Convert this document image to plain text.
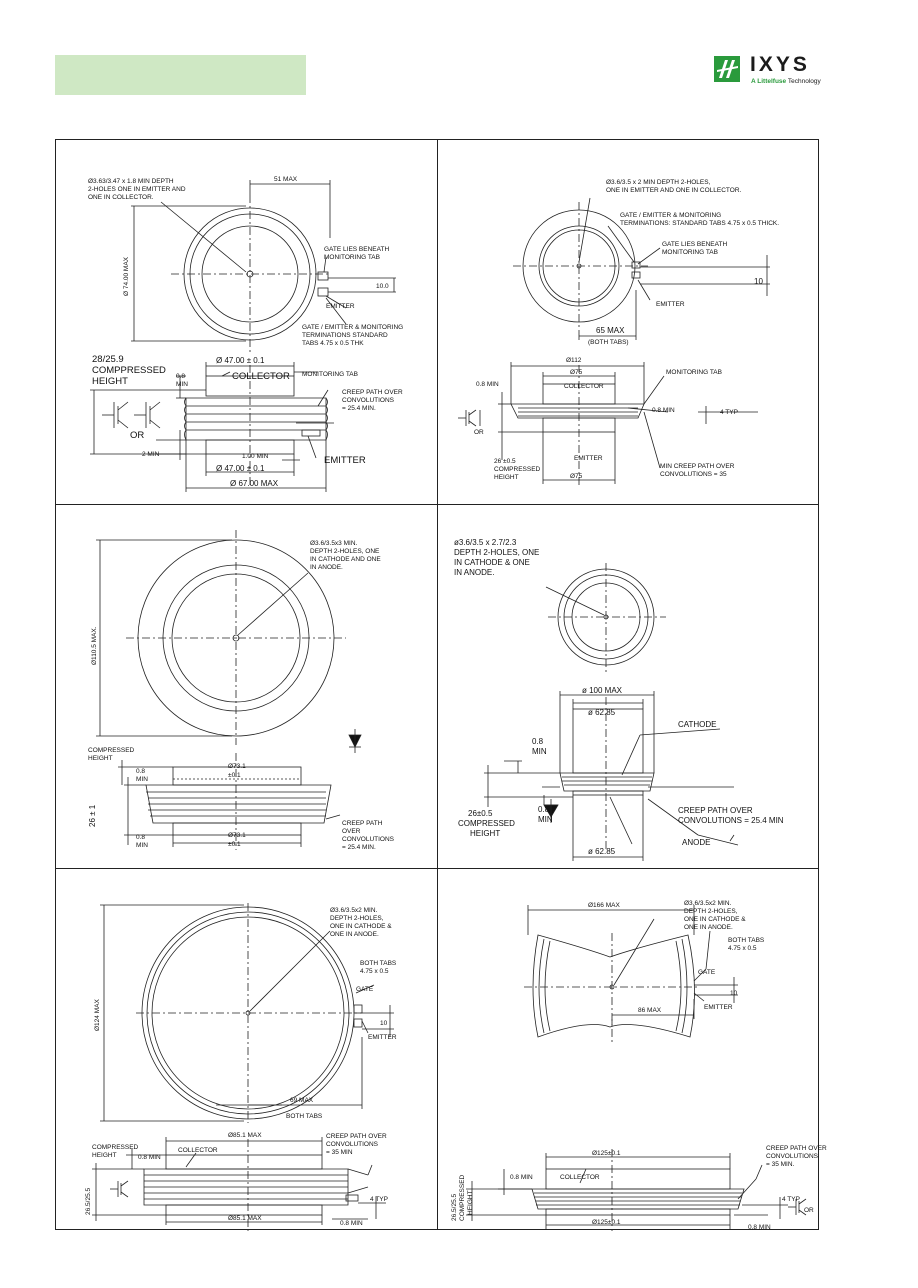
IXYS
A Littelfuse Technology
Ø3.63/3.47 x 1.8 MIN DEPTH 2-HOLES ONE IN EMITTER AND ONE IN COLLECTOR.
51 MAX
Ø 74.00 MAX
GATE LIES BENEATH MONITORING TAB
10.0
EMITTER
GATE / EMITTER & MONITORING TERMINATIONS STANDARD TABS 4.75 x 0.5 THK
28/25.9 COMPPRESSED HEIGHT
Ø 47.00 ± 0.1
0.8 MIN
COLLECTOR MONITORING TAB
CREEP PATH OVER CONVOLUTIONS = 25.4 MIN.
OR
2 MIN	1.00 MIN
Ø 47.00 ± 0.1
EMITTER
Ø 67.00 MAX
Ø3.6/3.5 x 2 MIN DEPTH 2-HOLES, ONE IN EMITTER AND ONE IN COLLECTOR.
GATE / EMITTER & MONITORING TERMINATIONS: STANDARD TABS 4.75 x 0.5 THICK.
GATE LIES BENEATH MONITORING TAB
10
EMITTER
65 MAX
(BOTH TABS)
Ø112
Ø75
0.8 MIN	COLLECTOR
MONITORING TAB
0.8 MIN	4 TYP
OR
26 ±0.5 COMPRESSED HEIGHT
EMITTER
MIN CREEP PATH OVER CONVOLUTIONS = 35
Ø75
Ø3.6/3.5x3 MIN. DEPTH 2-HOLES, ONE IN CATHODE AND ONE IN ANODE.
Ø110.5 MAX.
COMPRESSED HEIGHT
0.8 MIN
Ø73.1 ±0.1
26 ± 1	CREEP PATH OVER CONVOLUTIONS = 25.4 MIN.
0.8 MIN
Ø73.1 ±0.1
ø3.6/3.5 x 2.7/2.3 DEPTH 2-HOLES, ONE IN CATHODE & ONE IN ANODE.
ø 100 MAX
CATHODE
ø 62.85
0.8 MIN
0.8 MIN
26±0.5 COMPRESSED HEIGHT
CREEP PATH OVER CONVOLUTIONS = 25.4 MIN
ø 62.85
ANODE
Ø3.6/3.5x2 MIN. DEPTH 2-HOLES, ONE IN CATHODE & ONE IN ANODE.
Ø124 MAX
BOTH TABS 4.75 x 0.5
GATE
10
EMITTER
69 MAX
BOTH TABS
CREEP PATH OVER CONVOLUTIONS = 35 MIN
COMPRESSED HEIGHT	0.8 MIN
COLLECTOR
Ø85.1 MAX
26.5/25.5	4 TYP
Ø85.1 MAX
0.8 MIN
Ø3.6/3.5x2 MIN. DEPTH 2-HOLES, ONE IN CATHODE & ONE IN ANODE.
Ø166 MAX
BOTH TABS 4.75 x 0.5
GATE
10
EMITTER
86 MAX
Ø125±0.1
CREEP PATH OVER CONVOLUTIONS = 35 MIN.
0.8 MIN	COLLECTOR
26.5/25.5 COMPRESSED HEIGHT	4 TYP
OR
0.8 MIN
Ø125±0.1
